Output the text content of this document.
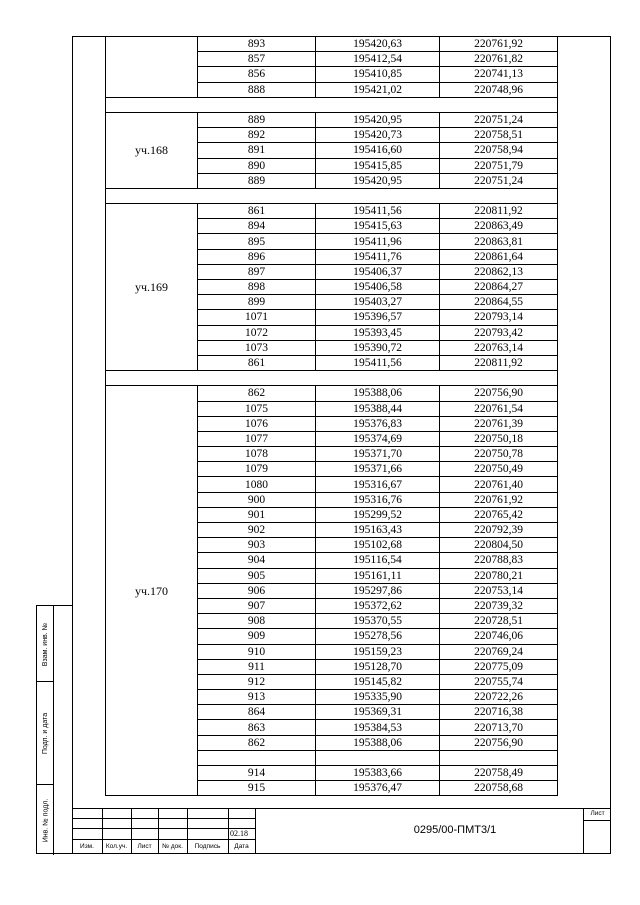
	893	195420,63	220761,92
	857	195412,54	220761,82
	856	195410,85	220741,13
	888	195421,02	220748,96

уч.168	889	195420,95	220751,24
	892	195420,73	220758,51
	891	195416,60	220758,94
	890	195415,85	220751,79
	889	195420,95	220751,24

уч.169	861	195411,56	220811,92
	894	195415,63	220863,49
	895	195411,96	220863,81
	896	195411,76	220861,64
	897	195406,37	220862,13
	898	195406,58	220864,27
	899	195403,27	220864,55
	1071	195396,57	220793,14
	1072	195393,45	220793,42
	1073	195390,72	220763,14
	861	195411,56	220811,92

уч.170	862	195388,06	220756,90
	1075	195388,44	220761,54
	1076	195376,83	220761,39
	1077	195374,69	220750,18
	1078	195371,70	220750,78
	1079	195371,66	220750,49
	1080	195316,67	220761,40
	900	195316,76	220761,92
	901	195299,52	220765,42
	902	195163,43	220792,39
	903	195102,68	220804,50
	904	195116,54	220788,83
	905	195161,11	220780,21
	906	195297,86	220753,14
	907	195372,62	220739,32
	908	195370,55	220728,51
	909	195278,56	220746,06
	910	195159,23	220769,24
	911	195128,70	220775,09
	912	195145,82	220755,74
	913	195335,90	220722,26
	864	195369,31	220716,38
	863	195384,53	220713,70
	862	195388,06	220756,90

	914	195383,66	220758,49
	915	195376,47	220758,68
Взам. инв. №
Подп. и дата
Инв. № подл.	02.18	0295/00-ПМТ3/1
Лист
Изм.	Кол.уч.	Лист	№ док.	Подпись	Дата
